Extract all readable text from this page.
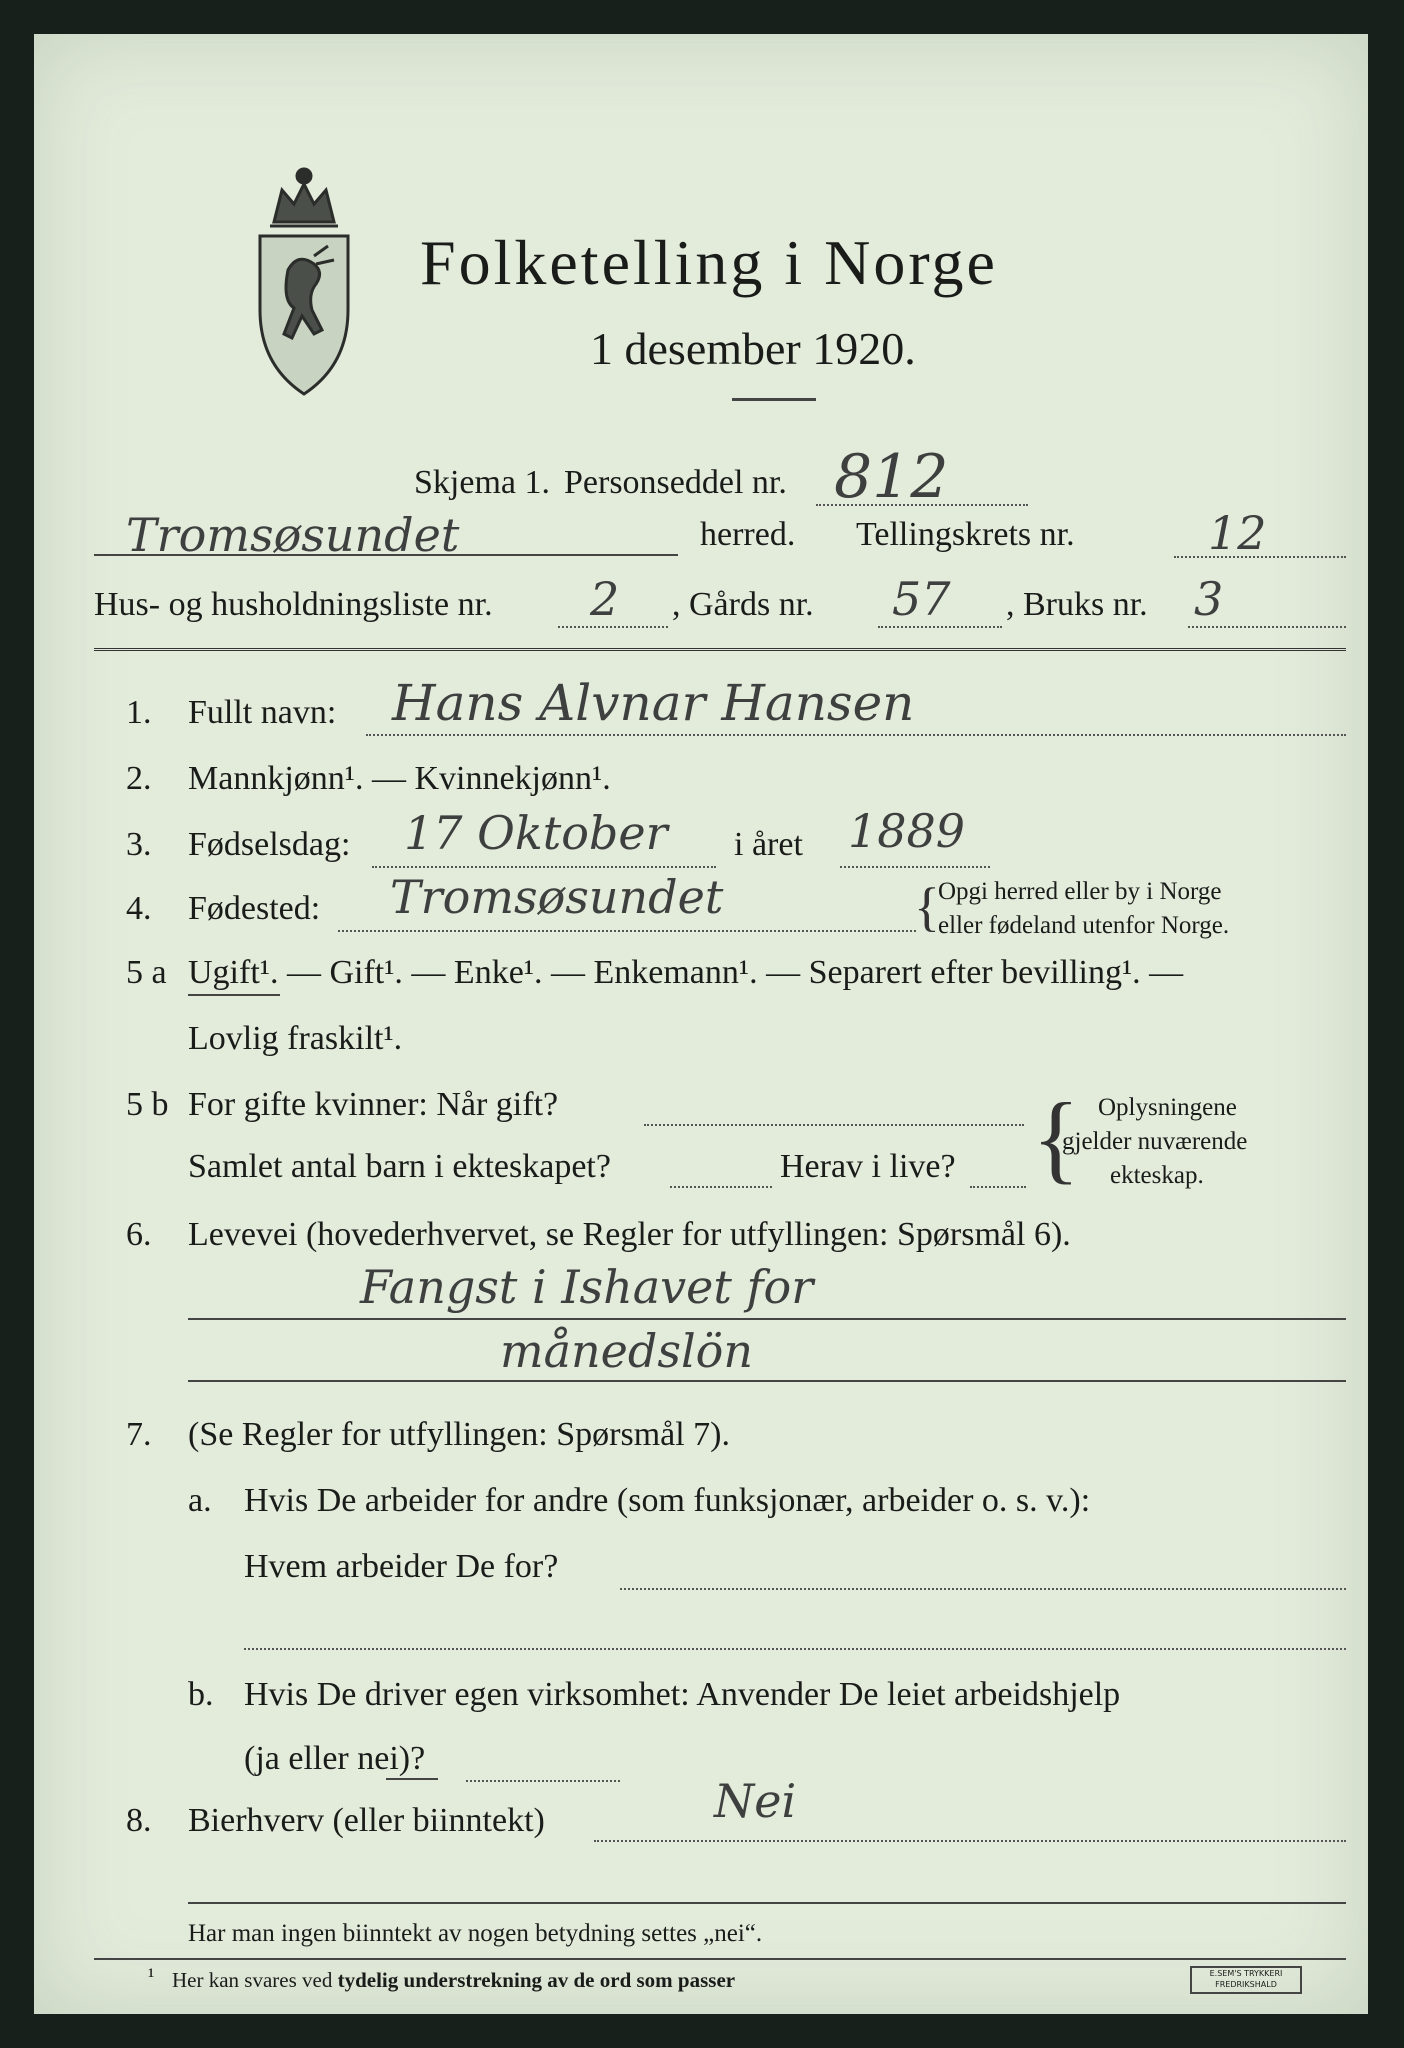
Folketelling i Norge
1 desember 1920.
Skjema 1. Personseddel nr. 812
Tromsøsundet	herred. Tellingskrets nr.	12
Hus- og husholdningsliste nr. 2 , Gårds nr. 57 , Bruks nr. 3
1. Fullt navn: Hans Alvnar Hansen
2. Mannkjønn¹. — Kvinnekjønn¹.
3. Fødselsdag: 17 Oktober i året 1889
4. Fødested: Tromsøsundet	{
Opgi herred eller by i Norge
eller fødeland utenfor Norge.
5 a Ugift¹. — Gift¹. — Enke¹. — Enkemann¹. — Separert efter bevilling¹. —
Lovlig fraskilt¹.
5 b For gifte kvinner: Når gift?
Samlet antal barn i ekteskapet?	Herav i live? { Oplysningene
gjelder nuværende
ekteskap.
6. Levevei (hovederhvervet, se Regler for utfyllingen: Spørsmål 6).
Fangst i Ishavet for
månedslön
7. (Se Regler for utfyllingen: Spørsmål 7).
a. Hvis De arbeider for andre (som funksjonær, arbeider o. s. v.):
Hvem arbeider De for?
b. Hvis De driver egen virksomhet: Anvender De leiet arbeidshjelp
(ja eller nei)?
8. Bierhverv (eller biinntekt)	Nei
Har man ingen biinntekt av nogen betydning settes „nei“.
¹ Her kan svares ved tydelig understrekning av de ord som passer	E.SEM'S TRYKKERI FREDRIKSHALD
